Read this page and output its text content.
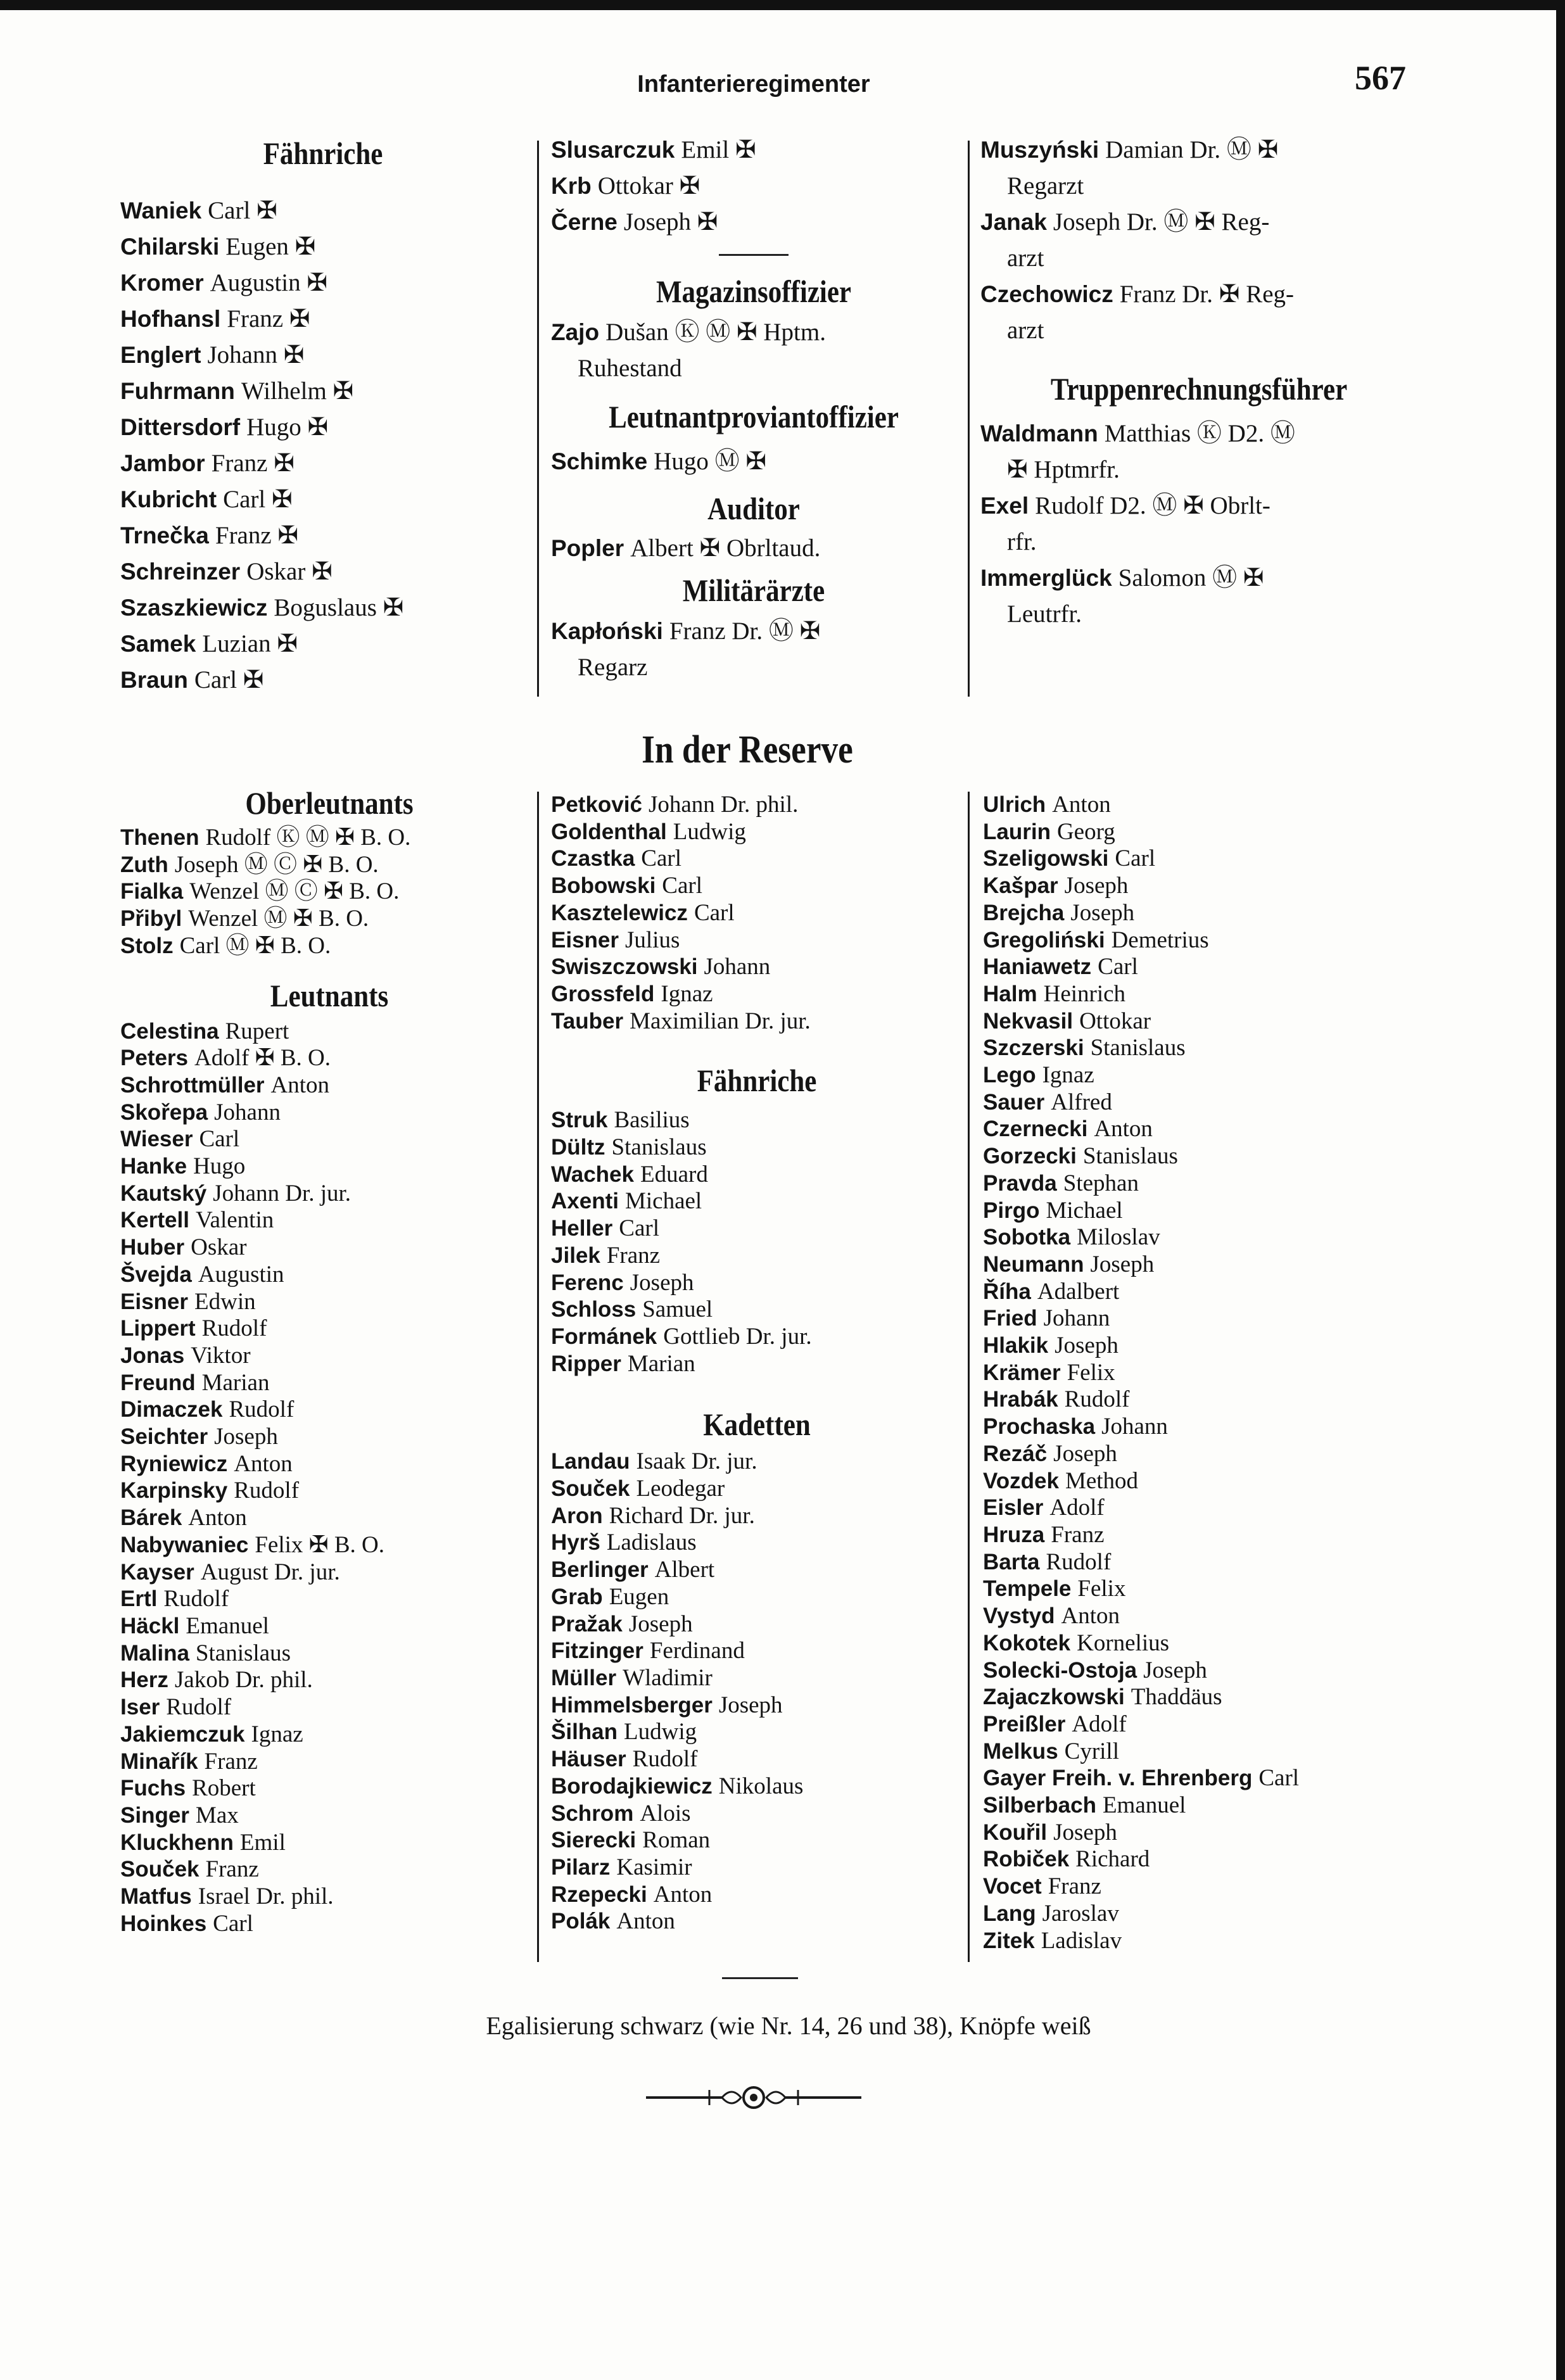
Infanterieregimenter	567
Fähnriche

Waniek Carl ✠

Chilarski Eugen ✠

Kromer Augustin ✠

Hofhansl Franz ✠

Englert Johann ✠

Fuhrmann Wilhelm ✠

Dittersdorf Hugo ✠

Jambor Franz ✠

Kubricht Carl ✠

Trnečka Franz ✠

Schreinzer Oskar ✠

Szaszkiewicz Boguslaus ✠

Samek Luzian ✠

Braun Carl ✠

Slusarczuk Emil ✠

Krb Ottokar ✠

Černe Joseph ✠

Magazinsoffizier

Zajo Dušan Ⓚ Ⓜ ✠ Hptm.

Ruhestand

Leutnantproviantoffizier

Schimke Hugo Ⓜ ✠

Auditor

Popler Albert ✠ Obrltaud.

Militärärzte

Kapłoński Franz Dr. Ⓜ ✠

Regarz

Muszyński Damian Dr. Ⓜ ✠

Regarzt

Janak Joseph Dr. Ⓜ ✠ Reg-

arzt

Czechowicz Franz Dr. ✠ Reg-

arzt

Truppenrechnungsführer

Waldmann Matthias Ⓚ D2. Ⓜ

✠ Hptmrfr.

Exel Rudolf D2. Ⓜ ✠ Obrlt-

rfr.

Immerglück Salomon Ⓜ ✠

Leutrfr.

In der Reserve
Oberleutnants

Thenen Rudolf Ⓚ Ⓜ ✠ B. O.

Zuth Joseph Ⓜ Ⓒ ✠ B. O.

Fialka Wenzel Ⓜ Ⓒ ✠ B. O.

Přibyl Wenzel Ⓜ ✠ B. O.

Stolz Carl Ⓜ ✠ B. O.

Leutnants

Celestina Rupert

Peters Adolf ✠ B. O.

Schrottmüller Anton

Skořepa Johann

Wieser Carl

Hanke Hugo

Kautský Johann Dr. jur.

Kertell Valentin

Huber Oskar

Švejda Augustin

Eisner Edwin

Lippert Rudolf

Jonas Viktor

Freund Marian

Dimaczek Rudolf

Seichter Joseph

Ryniewicz Anton

Karpinsky Rudolf

Bárek Anton

Nabywaniec Felix ✠ B. O.

Kayser August Dr. jur.

Ertl Rudolf

Häckl Emanuel

Malina Stanislaus

Herz Jakob Dr. phil.

Iser Rudolf

Jakiemczuk Ignaz

Minařík Franz

Fuchs Robert

Singer Max

Kluckhenn Emil

Souček Franz

Matfus Israel Dr. phil.

Hoinkes Carl

Petković Johann Dr. phil.

Goldenthal Ludwig

Czastka Carl

Bobowski Carl

Kasztelewicz Carl

Eisner Julius

Swiszczowski Johann

Grossfeld Ignaz

Tauber Maximilian Dr. jur.

Fähnriche

Struk Basilius

Dültz Stanislaus

Wachek Eduard

Axenti Michael

Heller Carl

Jilek Franz

Ferenc Joseph

Schloss Samuel

Formánek Gottlieb Dr. jur.

Ripper Marian

Kadetten

Landau Isaak Dr. jur.

Souček Leodegar

Aron Richard Dr. jur.

Hyrš Ladislaus

Berlinger Albert

Grab Eugen

Pražak Joseph

Fitzinger Ferdinand

Müller Wladimir

Himmelsberger Joseph

Šilhan Ludwig

Häuser Rudolf

Borodajkiewicz Nikolaus

Schrom Alois

Sierecki Roman

Pilarz Kasimir

Rzepecki Anton

Polák Anton

Ulrich Anton

Laurin Georg

Szeligowski Carl

Kašpar Joseph

Brejcha Joseph

Gregoliński Demetrius

Haniawetz Carl

Halm Heinrich

Nekvasil Ottokar

Szczerski Stanislaus

Lego Ignaz

Sauer Alfred

Czernecki Anton

Gorzecki Stanislaus

Pravda Stephan

Pirgo Michael

Sobotka Miloslav

Neumann Joseph

Říha Adalbert

Fried Johann

Hlakik Joseph

Krämer Felix

Hrabák Rudolf

Prochaska Johann

Rezáč Joseph

Vozdek Method

Eisler Adolf

Hruza Franz

Barta Rudolf

Tempele Felix

Vystyd Anton

Kokotek Kornelius

Solecki-Ostoja Joseph

Zajaczkowski Thaddäus

Preißler Adolf

Melkus Cyrill

Gayer Freih. v. Ehrenberg Carl

Silberbach Emanuel

Kouřil Joseph

Robiček Richard

Vocet Franz

Lang Jaroslav

Zitek Ladislav

Egalisierung schwarz (wie Nr. 14, 26 und 38), Knöpfe weiß
